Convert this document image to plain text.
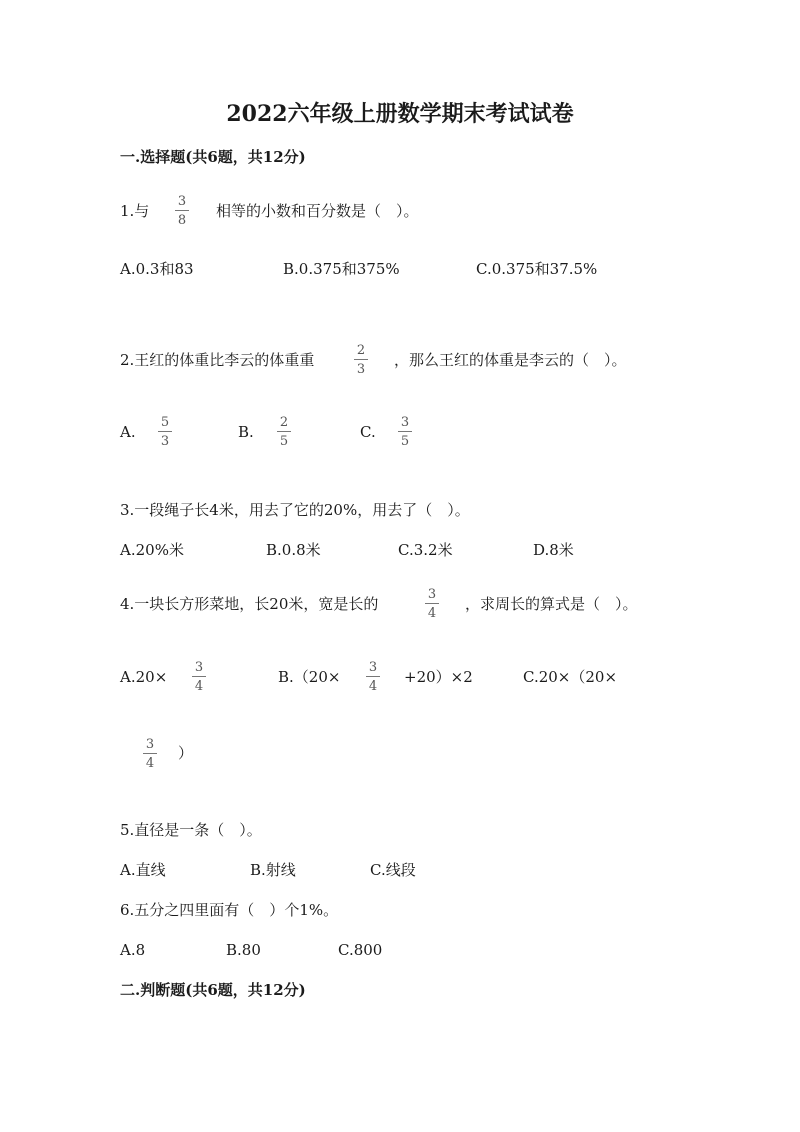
2022六年级上册数学期末考试试卷
一.选择题(共6题，共12分)
1.与
3
8
相等的小数和百分数是（　）。
A.0.3和83	B.0.375和375%	C.0.375和37.5%
2.王红的体重比李云的体重重
2
3
，那么王红的体重是李云的（　）。
A.
5
3
B.
2
5
C.
3
5
3.一段绳子长4米，用去了它的20%，用去了（　）。
A.20%米	B.0.8米	C.3.2米	D.8米
4.一块长方形菜地，长20米，宽是长的
3
4
，求周长的算式是（　）。
A.20×
3
4
B.（20×
3
4
+20）×2	C.20×（20×
3
4
）
5.直径是一条（　）。
A.直线	B.射线	C.线段
6.五分之四里面有（　）个1%。
A.8	B.80	C.800
二.判断题(共6题，共12分)
